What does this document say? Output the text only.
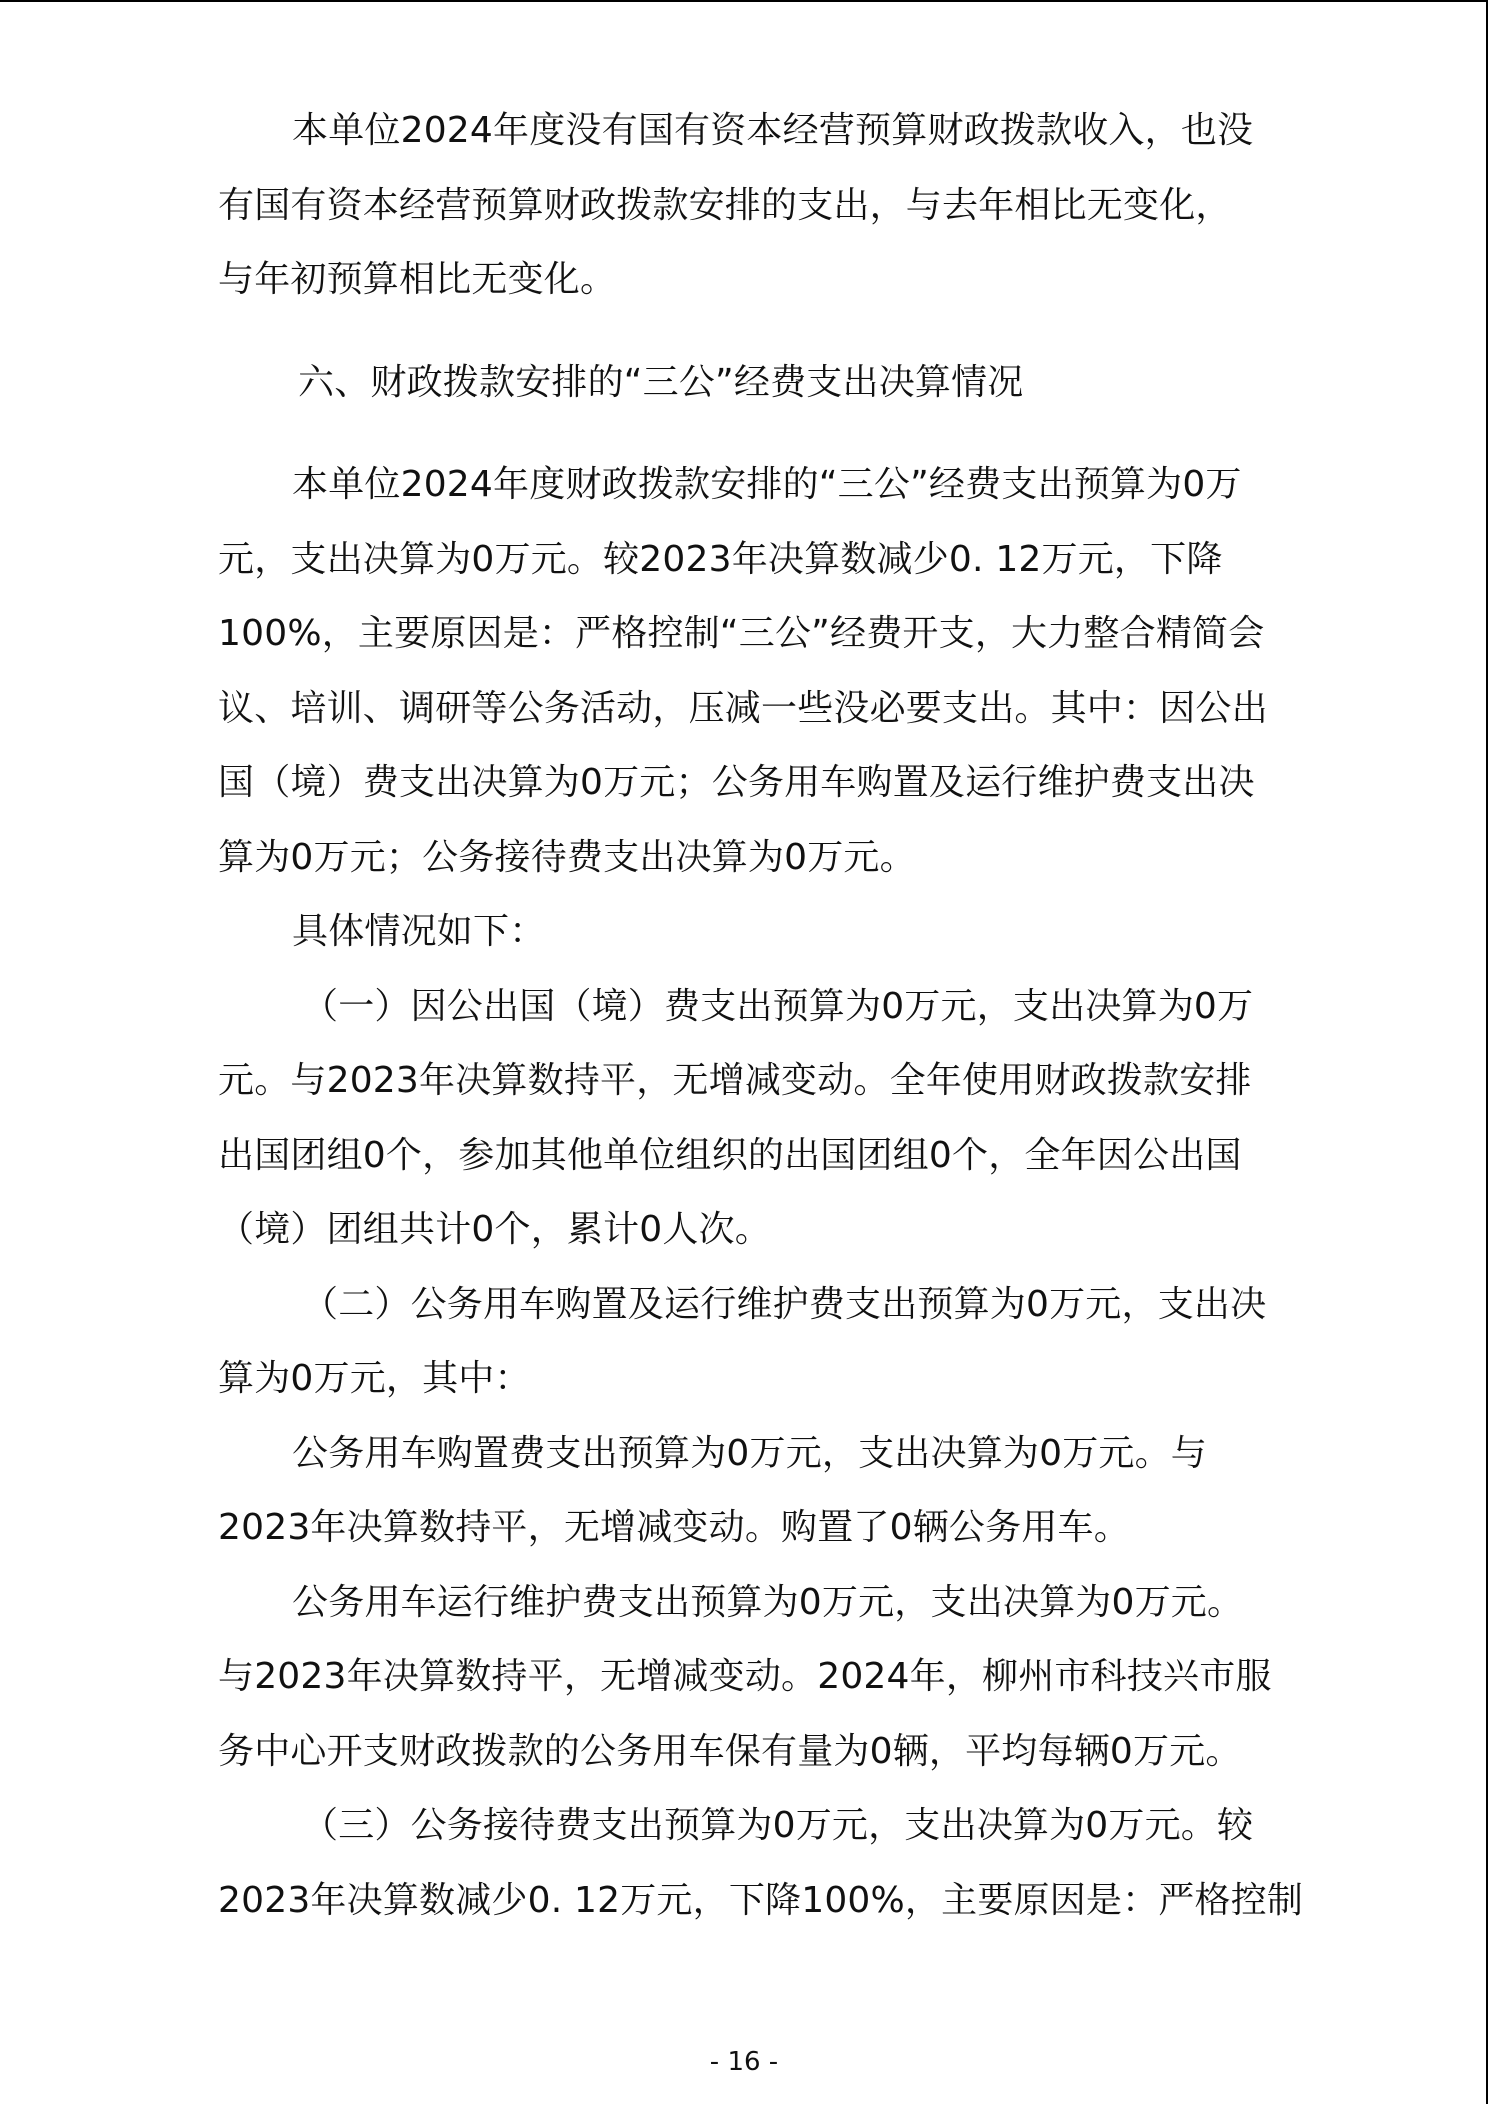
本单位2024年度没有国有资本经营预算财政拨款收入，也没
有国有资本经营预算财政拨款安排的支出，与去年相比无变化，
与年初预算相比无变化。
六、财政拨款安排的“三公”经费支出决算情况
本单位2024年度财政拨款安排的“三公”经费支出预算为0万
元，支出决算为0万元。较2023年决算数减少0. 12万元，下降
100%，主要原因是：严格控制“三公”经费开支，大力整合精简会
议、培训、调研等公务活动，压减一些没必要支出。其中：因公出
国（境）费支出决算为0万元；公务用车购置及运行维护费支出决
算为0万元；公务接待费支出决算为0万元。
具体情况如下：
（一）因公出国（境）费支出预算为0万元，支出决算为0万
元。与2023年决算数持平，无增减变动。全年使用财政拨款安排
出国团组0个，参加其他单位组织的出国团组0个，全年因公出国
（境）团组共计0个，累计0人次。
（二）公务用车购置及运行维护费支出预算为0万元，支出决
算为0万元，其中：
公务用车购置费支出预算为0万元，支出决算为0万元。与
2023年决算数持平，无增减变动。购置了0辆公务用车。
公务用车运行维护费支出预算为0万元，支出决算为0万元。
与2023年决算数持平，无增减变动。2024年，柳州市科技兴市服
务中心开支财政拨款的公务用车保有量为0辆，平均每辆0万元。
（三）公务接待费支出预算为0万元，支出决算为0万元。较
2023年决算数减少0. 12万元，下降100%，主要原因是：严格控制
- 16 -
